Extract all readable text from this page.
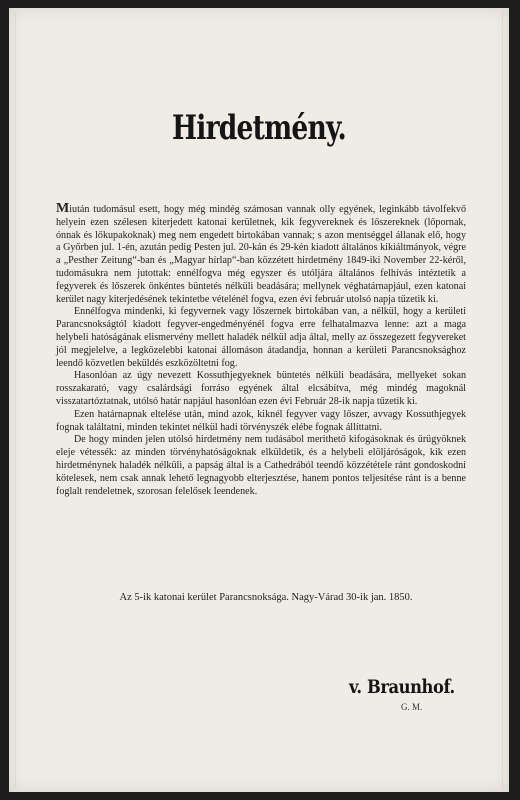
Hirdetmény.

Miután tudomásul esett, hogy még mindég számosan vannak olly egyének, leginkább távolfekvő helyein ezen szélesen kiterjedett katonai kerületnek, kik fegyvereknek és lőszereknek (lőpornak, ónnak és lőkupakoknak) meg nem engedett birtokában vannak; s azon mentséggel állanak elő, hogy a Győrben jul. 1-én, azután pedig Pesten jul. 20-kán és 29-kén kiadott általános kikiáltmányok, végre a „Pesther Zeitung“-ban és „Magyar hírlap“-ban közzétett hirdetmény 1849-iki November 22-kéről, tudomásukra nem jutottak: ennélfogva még egyszer és utóljára általános felhívás intéztetik a fegyverek és lőszerek önkéntes büntetés nélküli beadására; mellynek véghatárnapjául, ezen katonai kerület nagy kiterjedésének tekintetbe vételénél fogva, ezen évi február utolsó napja tűzetik ki.

Ennélfogva mindenki, ki fegyvernek vagy lőszernek birtokában van, a nélkül, hogy a kerületi Parancsnokságtól kiadott fegyver-engedményénél fogva erre felhatalmazva lenne: azt a maga helybeli hatóságának elismervény mellett haladék nélkül adja által, melly az összegezett fegyvereket jól megjelelve, a legközelebbi katonai állomáson átadandja, honnan a kerületi Parancsnoksághoz leendő közvetlen beküldés eszközöltetni fog.

Hasonlóan az úgy nevezett Kossuthjegyeknek büntetés nélküli beadására, mellyeket sokan rosszakarató, vagy csalárdsági forráso egyének által elcsábítva, még mindég magoknál visszatartóztatnak, utólsó határ napjául hasonlóan ezen évi Február 28-ik napja tűzetik ki.

Ezen határnapnak eltelése után, mind azok, kiknél fegyver vagy lőszer, avvagy Kossuthjegyek fognak találtatni, minden tekintet nélkül hadi törvényszék elébe fognak állíttatni.

De hogy minden jelen utólsó hirdetmény nem tudásábol merithető kifogásoknak és ürügyöknek eleje vétessék: az minden törvényhatóságoknak elküldetik, és a helybeli elöljáróságok, kik ezen hirdetménynek haladék nélküli, a papság által is a Cathedrából teendő közzététele ránt gondoskodni kötelesek, nem csak annak lehető legnagyobb elterjesztése, hanem pontos teljesítése ránt is a benne foglalt rendeletnek, szorosan felelősek leendenek.

Az 5-ik katonai kerület Parancsnoksága. Nagy-Várad 30-ik jan. 1850.
v. Braunhof.
G. M.
